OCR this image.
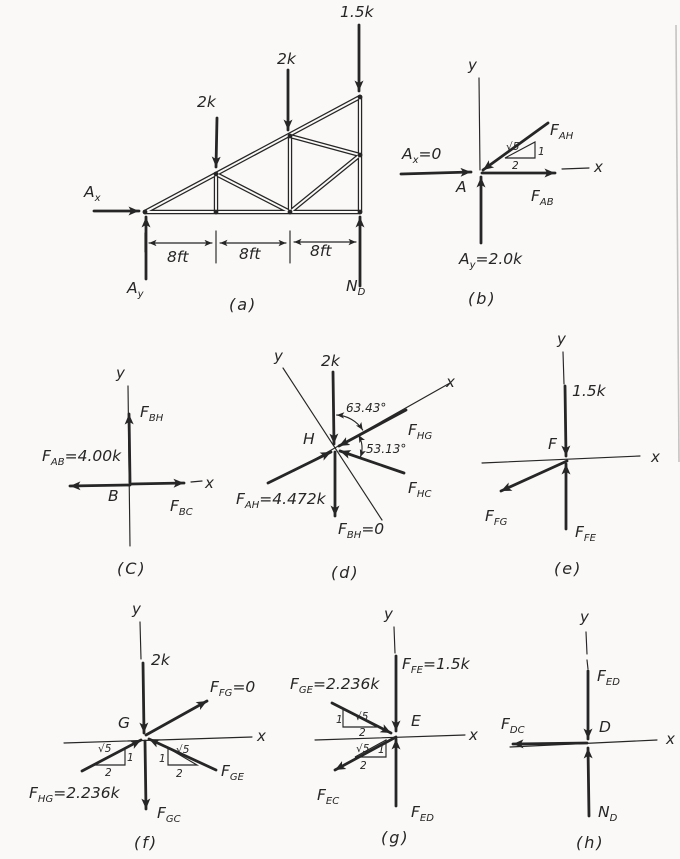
2k
2k
1.5k
$A_x$
$A_y$	$N_D$
8ft	8ft	8ft
(a)
y
x
$A_x=0$
$F_{AH}$
$F_{AB}$
A
$A_y=2.0k$
√5 1
2
(b)
y
x
$F_{BH}$
$F_{AB}=4.00k$
$F_{BC}$
B
(C)
y
x
2k
63.43°
53.13°
H	$F_{HG}$
$F_{HC}$
$F_{AH}=4.472k$
$F_{BH}=0$
(d)
y
x
1.5k
F
$F_{FG}$
$F_{FE}$
(e)
y
x
2k
G
$F_{FG}=0$
$F_{GE}$
$F_{HG}=2.236k$
$F_{GC}$
√5
1
2
√5
1
2
(f)
y
x
$F_{FE}=1.5k$
$F_{GE}=2.236k$
E
$F_{EC}$
$F_{ED}$
√5
1
2
√5 1
2
(g)
y
x
$F_{ED}$
D
$F_{DC}$
$N_D$
(h)
